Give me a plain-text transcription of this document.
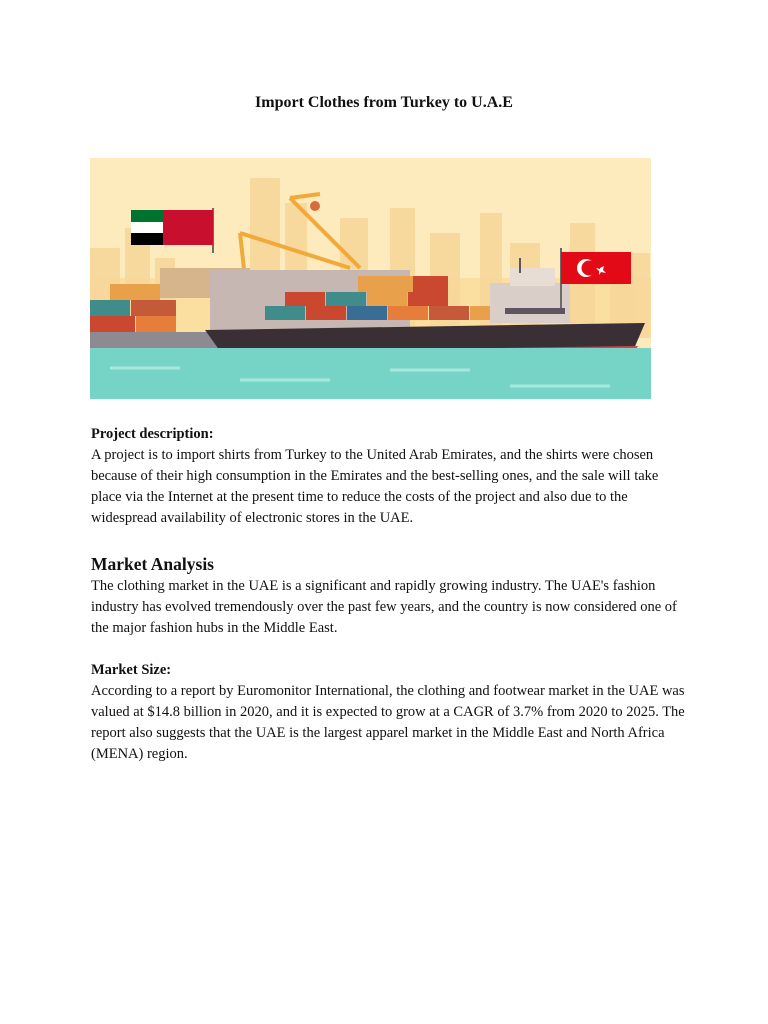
Import Clothes from Turkey to U.A.E

Project description:

A project is to import shirts from Turkey to the United Arab Emirates, and the shirts were chosen because of their high consumption in the Emirates and the best-selling ones, and the sale will take place via the Internet at the present time to reduce the costs of the project and also due to the widespread availability of electronic stores in the UAE.

Market Analysis

The clothing market in the UAE is a significant and rapidly growing industry. The UAE's fashion industry has evolved tremendously over the past few years, and the country is now considered one of the major fashion hubs in the Middle East.

Market Size:

According to a report by Euromonitor International, the clothing and footwear market in the UAE was valued at $14.8 billion in 2020, and it is expected to grow at a CAGR of 3.7% from 2020 to 2025. The report also suggests that the UAE is the largest apparel market in the Middle East and North Africa (MENA) region.
